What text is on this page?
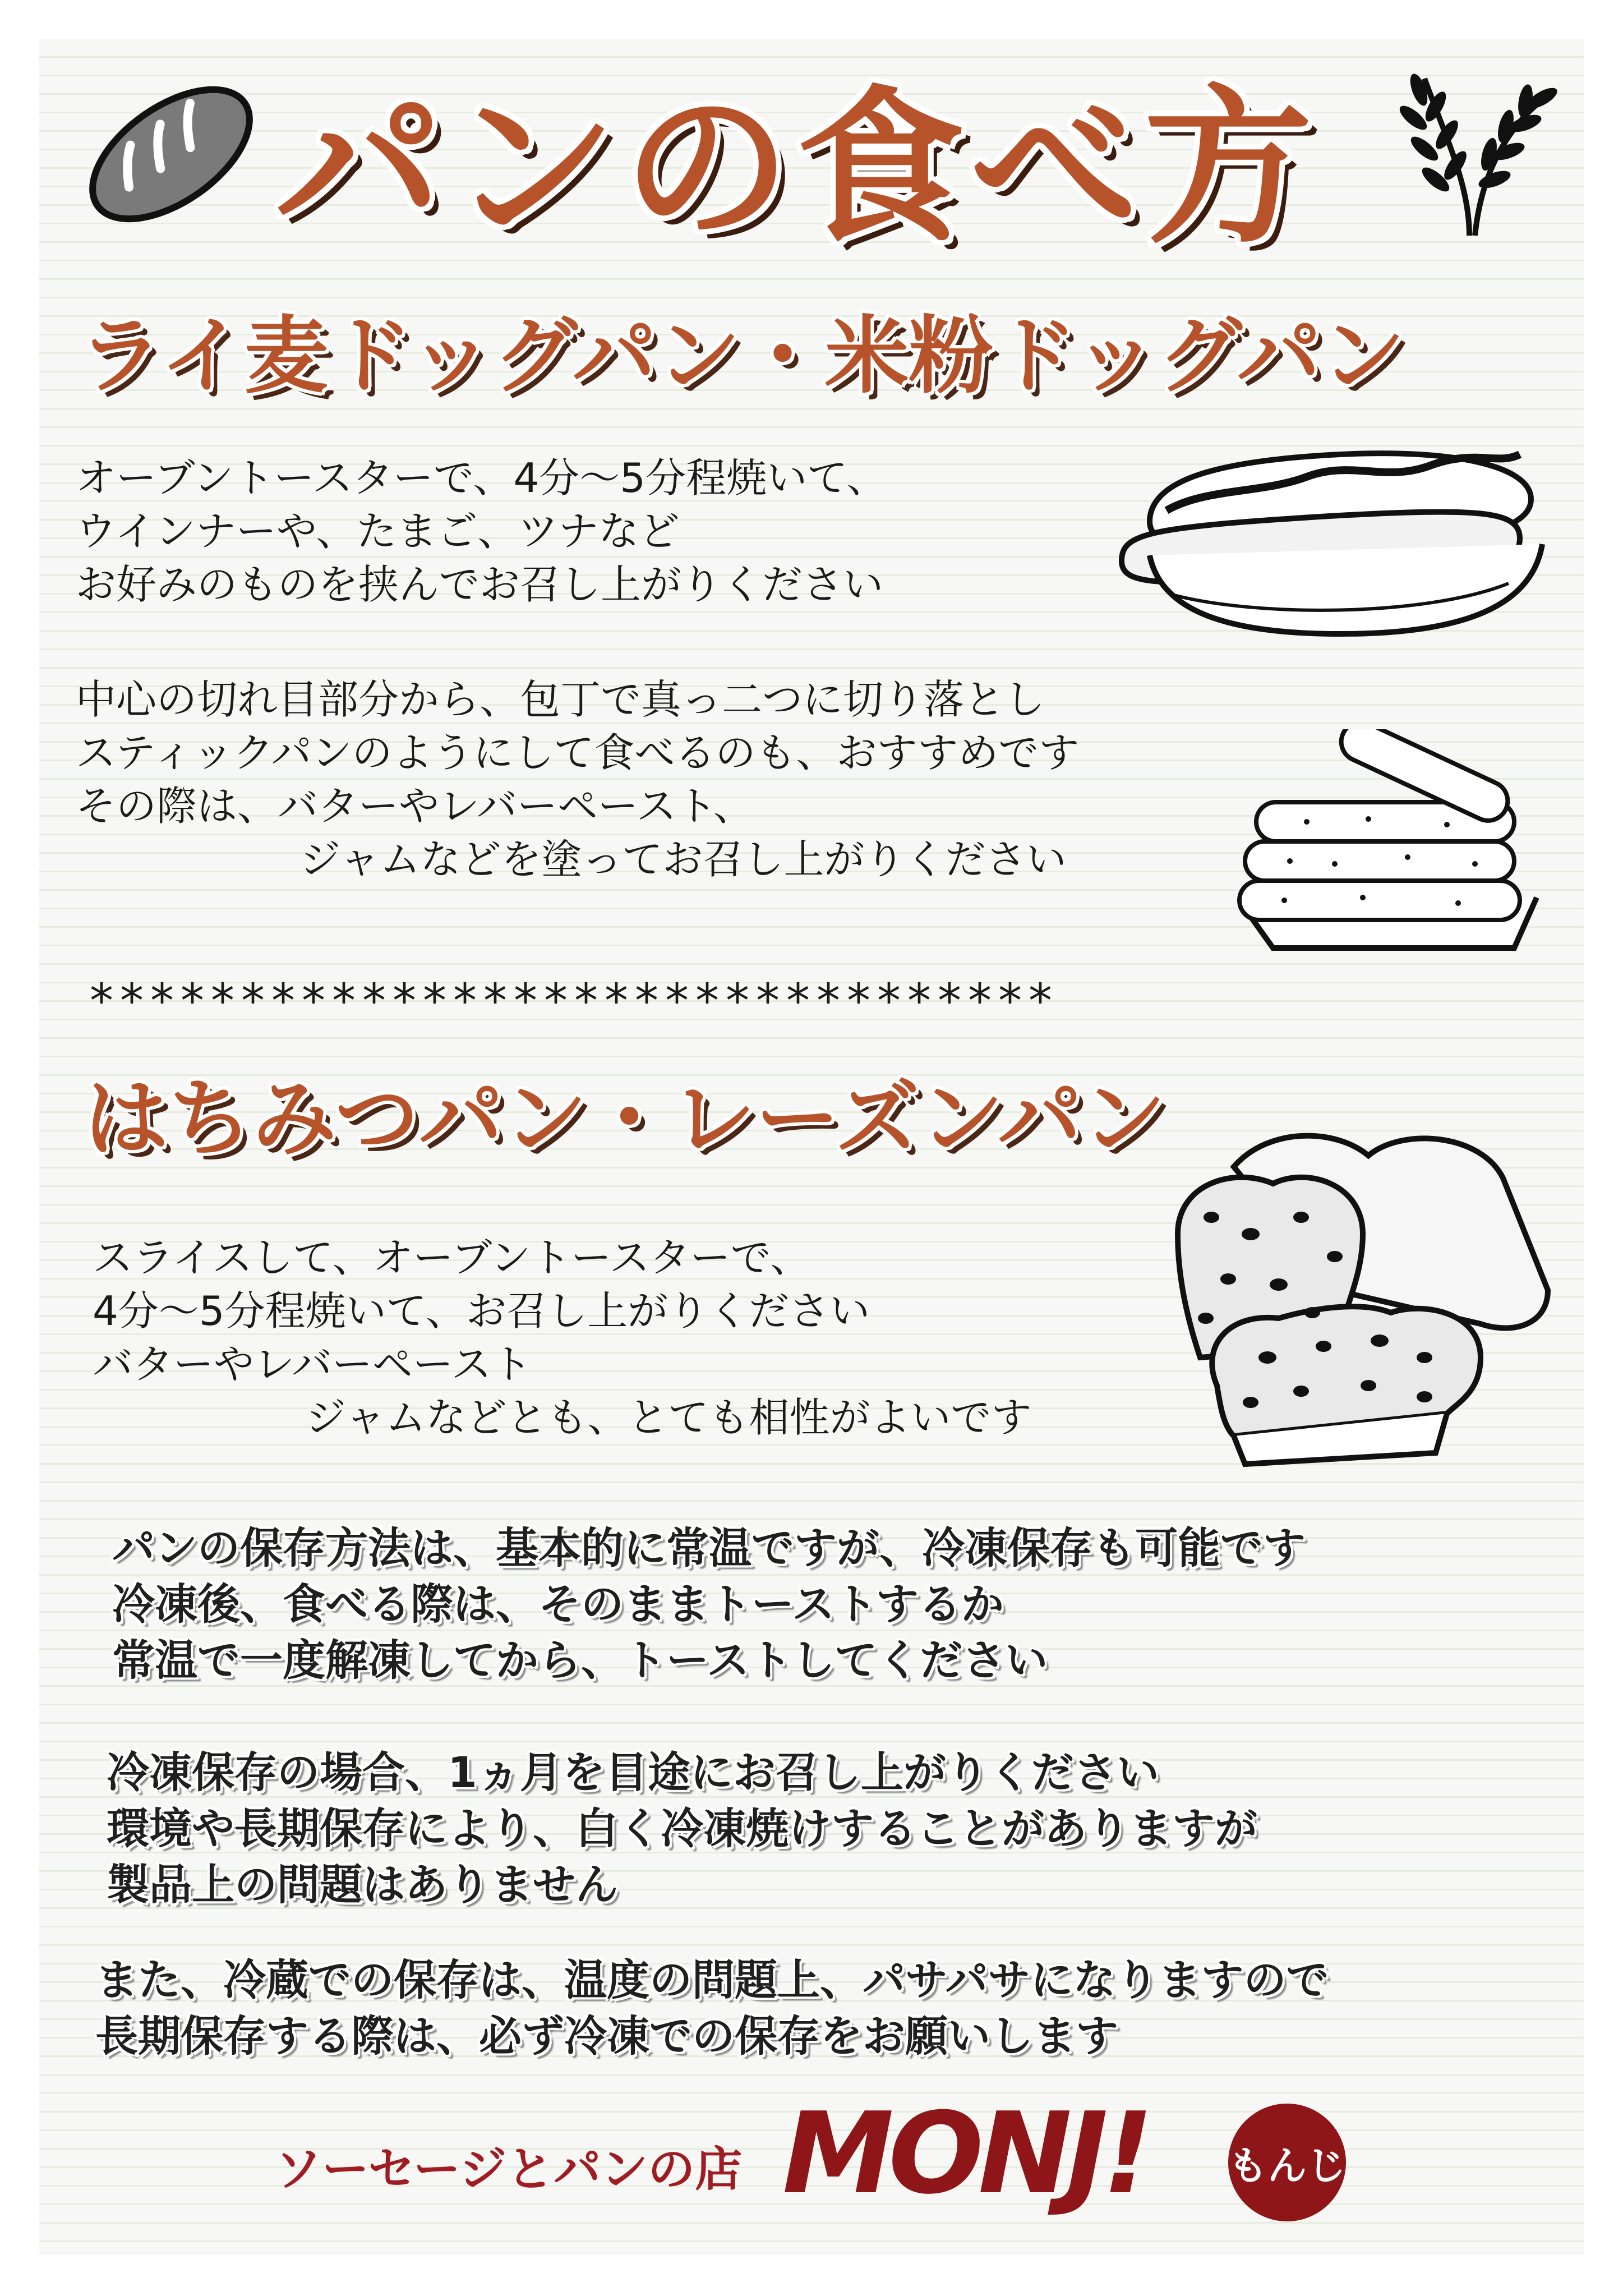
パンの食べ方
ライ麦ドッグパン・米粉ドッグパン
オーブントースターで、4分～5分程焼いて、
ウインナーや、たまご、ツナなど
お好みのものを挟んでお召し上がりください
中心の切れ目部分から、包丁で真っ二つに切り落とし
スティックパンのようにして食べるのも、おすすめです
その際は、バターやレバーペースト、
ジャムなどを塗ってお召し上がりください
********************************
はちみつパン・レーズンパン
スライスして、オーブントースターで、
4分～5分程焼いて、お召し上がりください
バターやレバーペースト
ジャムなどとも、とても相性がよいです
パンの保存方法は、基本的に常温ですが、冷凍保存も可能です
冷凍後、食べる際は、そのままトーストするか
常温で一度解凍してから、トーストしてください
冷凍保存の場合、1ヵ月を目途にお召し上がりください
環境や長期保存により、白く冷凍焼けすることがありますが
製品上の問題はありません
また、冷蔵での保存は、温度の問題上、パサパサになりますので
長期保存する際は、必ず冷凍での保存をお願いします
ソーセージとパンの店 MONJ! もんじ
